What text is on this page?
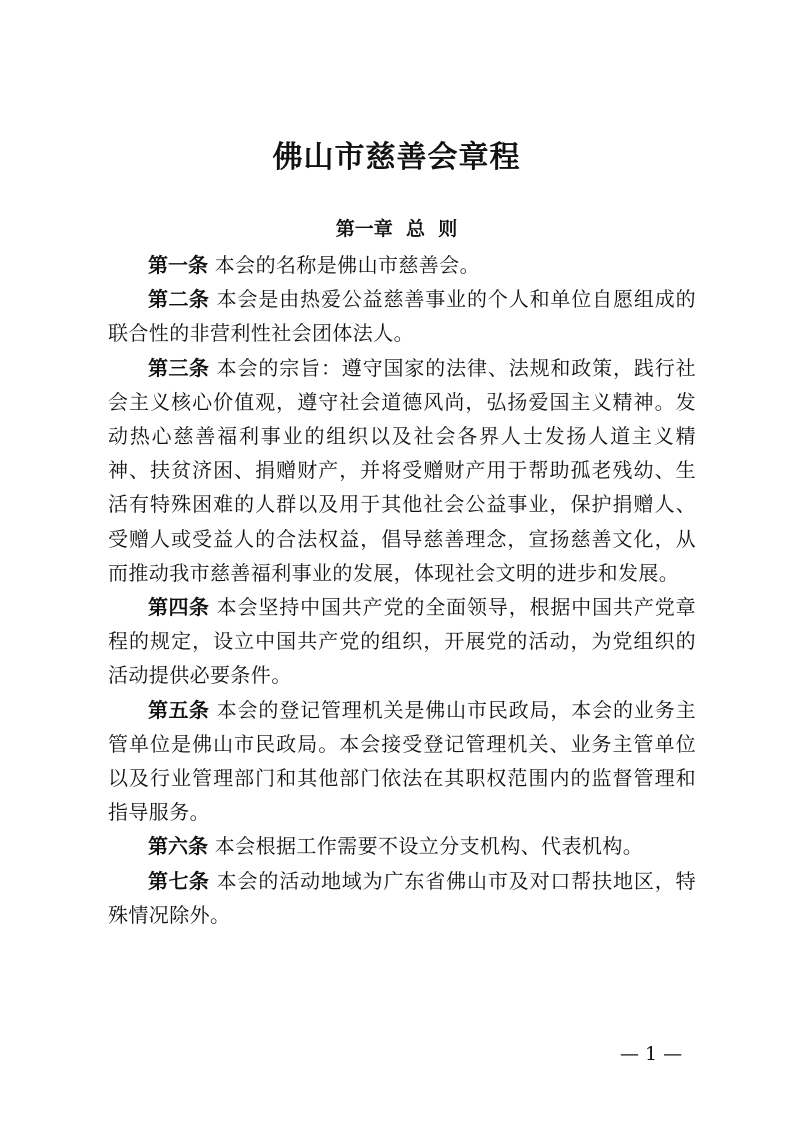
佛山市慈善会章程
第一章  总  则

第一条 本会的名称是佛山市慈善会。

第二条 本会是由热爱公益慈善事业的个人和单位自愿组成的联合性的非营利性社会团体法人。

第三条 本会的宗旨：遵守国家的法律、法规和政策，践行社会主义核心价值观，遵守社会道德风尚，弘扬爱国主义精神。发动热心慈善福利事业的组织以及社会各界人士发扬人道主义精神、扶贫济困、捐赠财产，并将受赠财产用于帮助孤老残幼、生活有特殊困难的人群以及用于其他社会公益事业，保护捐赠人、受赠人或受益人的合法权益，倡导慈善理念，宣扬慈善文化，从而推动我市慈善福利事业的发展，体现社会文明的进步和发展。

第四条 本会坚持中国共产党的全面领导，根据中国共产党章程的规定，设立中国共产党的组织，开展党的活动，为党组织的活动提供必要条件。

第五条 本会的登记管理机关是佛山市民政局，本会的业务主管单位是佛山市民政局。本会接受登记管理机关、业务主管单位以及行业管理部门和其他部门依法在其职权范围内的监督管理和指导服务。

第六条 本会根据工作需要不设立分支机构、代表机构。

第七条 本会的活动地域为广东省佛山市及对口帮扶地区，特殊情况除外。

— 1 —
